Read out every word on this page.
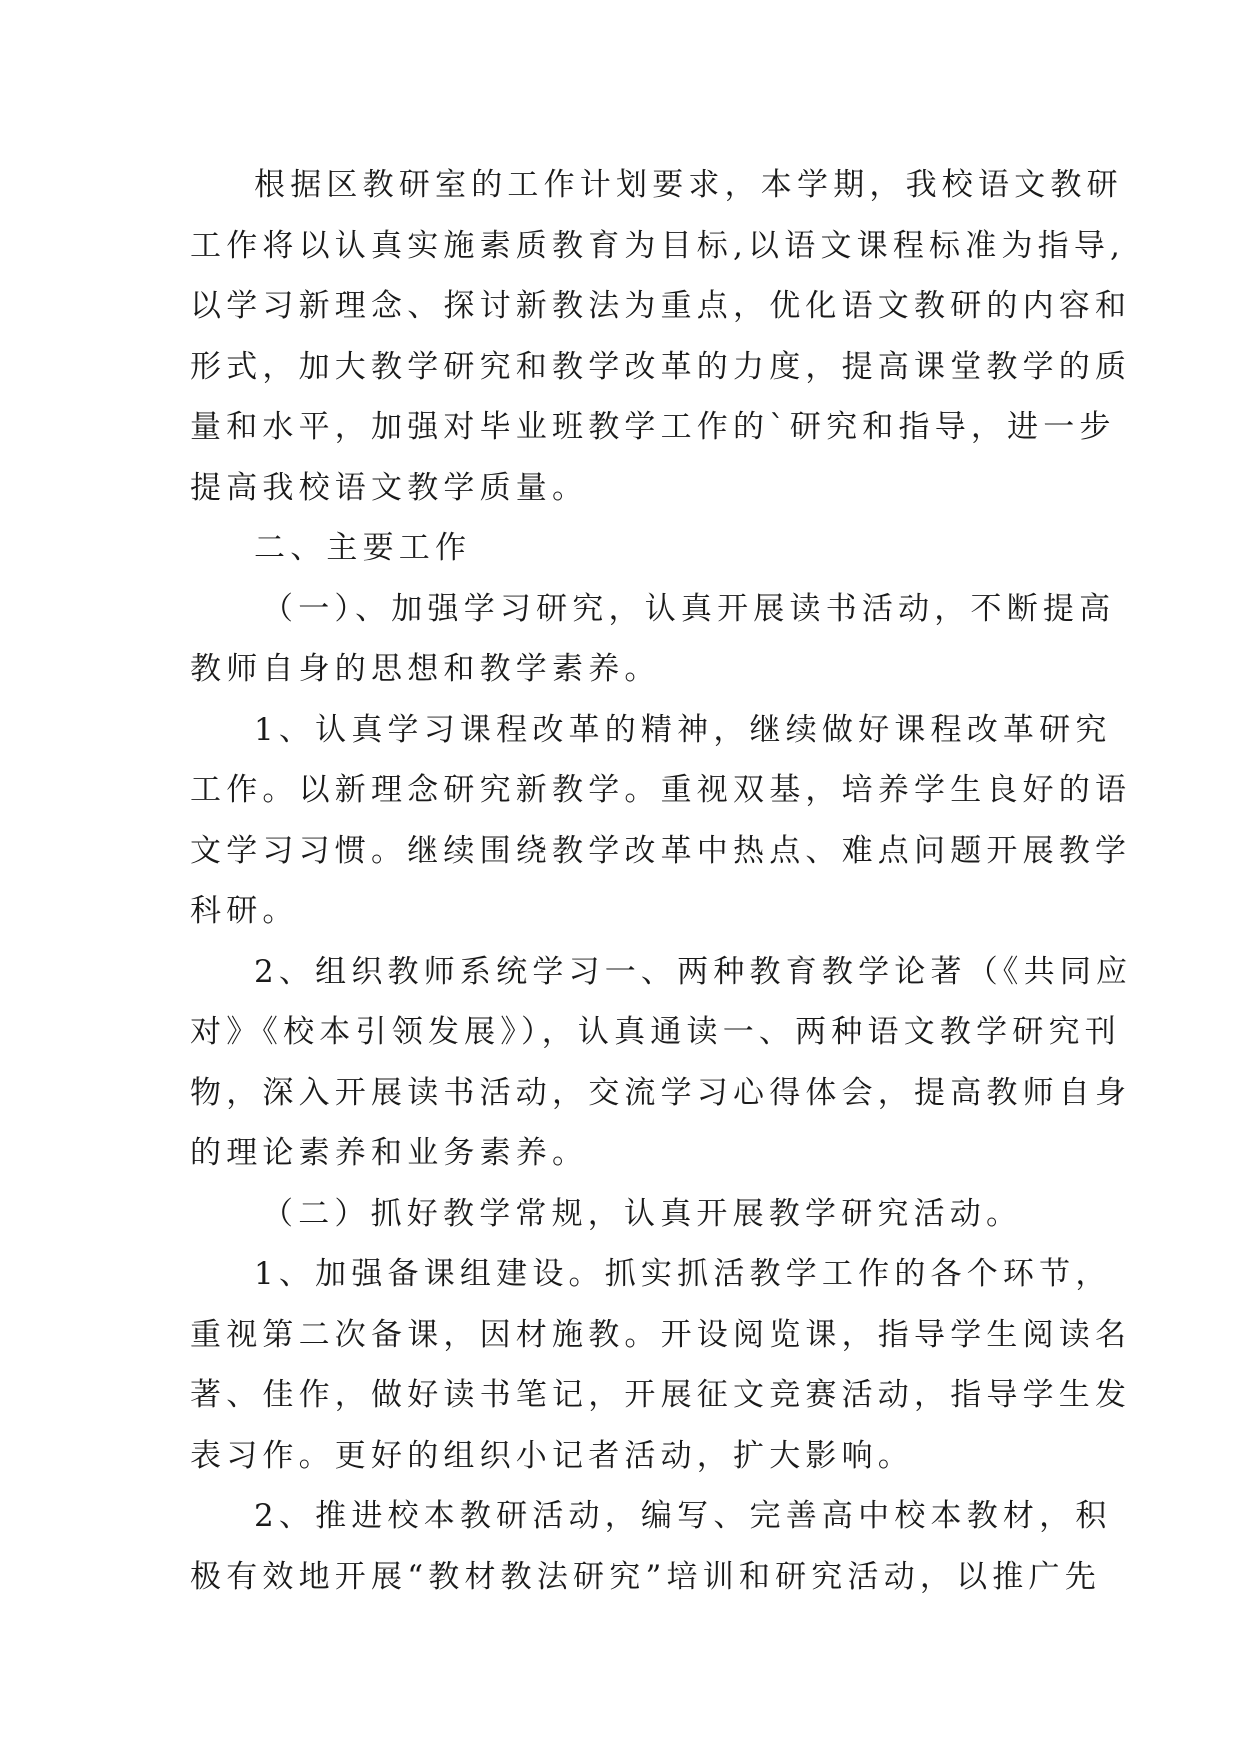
根据区教研室的工作计划要求，本学期，我校语文教研
工作将以认真实施素质教育为目标,以语文课程标准为指导,
以学习新理念、探讨新教法为重点，优化语文教研的内容和
形式，加大教学研究和教学改革的力度，提高课堂教学的质
量和水平，加强对毕业班教学工作的`研究和指导，进一步
提高我校语文教学质量。
二、主要工作
（一）、加强学习研究，认真开展读书活动，不断提高
教师自身的思想和教学素养。
1、认真学习课程改革的精神，继续做好课程改革研究
工作。以新理念研究新教学。重视双基，培养学生良好的语
文学习习惯。继续围绕教学改革中热点、难点问题开展教学
科研。
2、组织教师系统学习一、两种教育教学论著（《共同应
对》《校本引领发展》），认真通读一、两种语文教学研究刊
物，深入开展读书活动，交流学习心得体会，提高教师自身
的理论素养和业务素养。
（二）抓好教学常规，认真开展教学研究活动。
1、加强备课组建设。抓实抓活教学工作的各个环节，
重视第二次备课，因材施教。开设阅览课，指导学生阅读名
著、佳作，做好读书笔记，开展征文竞赛活动，指导学生发
表习作。更好的组织小记者活动，扩大影响。
2、推进校本教研活动，编写、完善高中校本教材，积
极有效地开展“教材教法研究”培训和研究活动，以推广先
